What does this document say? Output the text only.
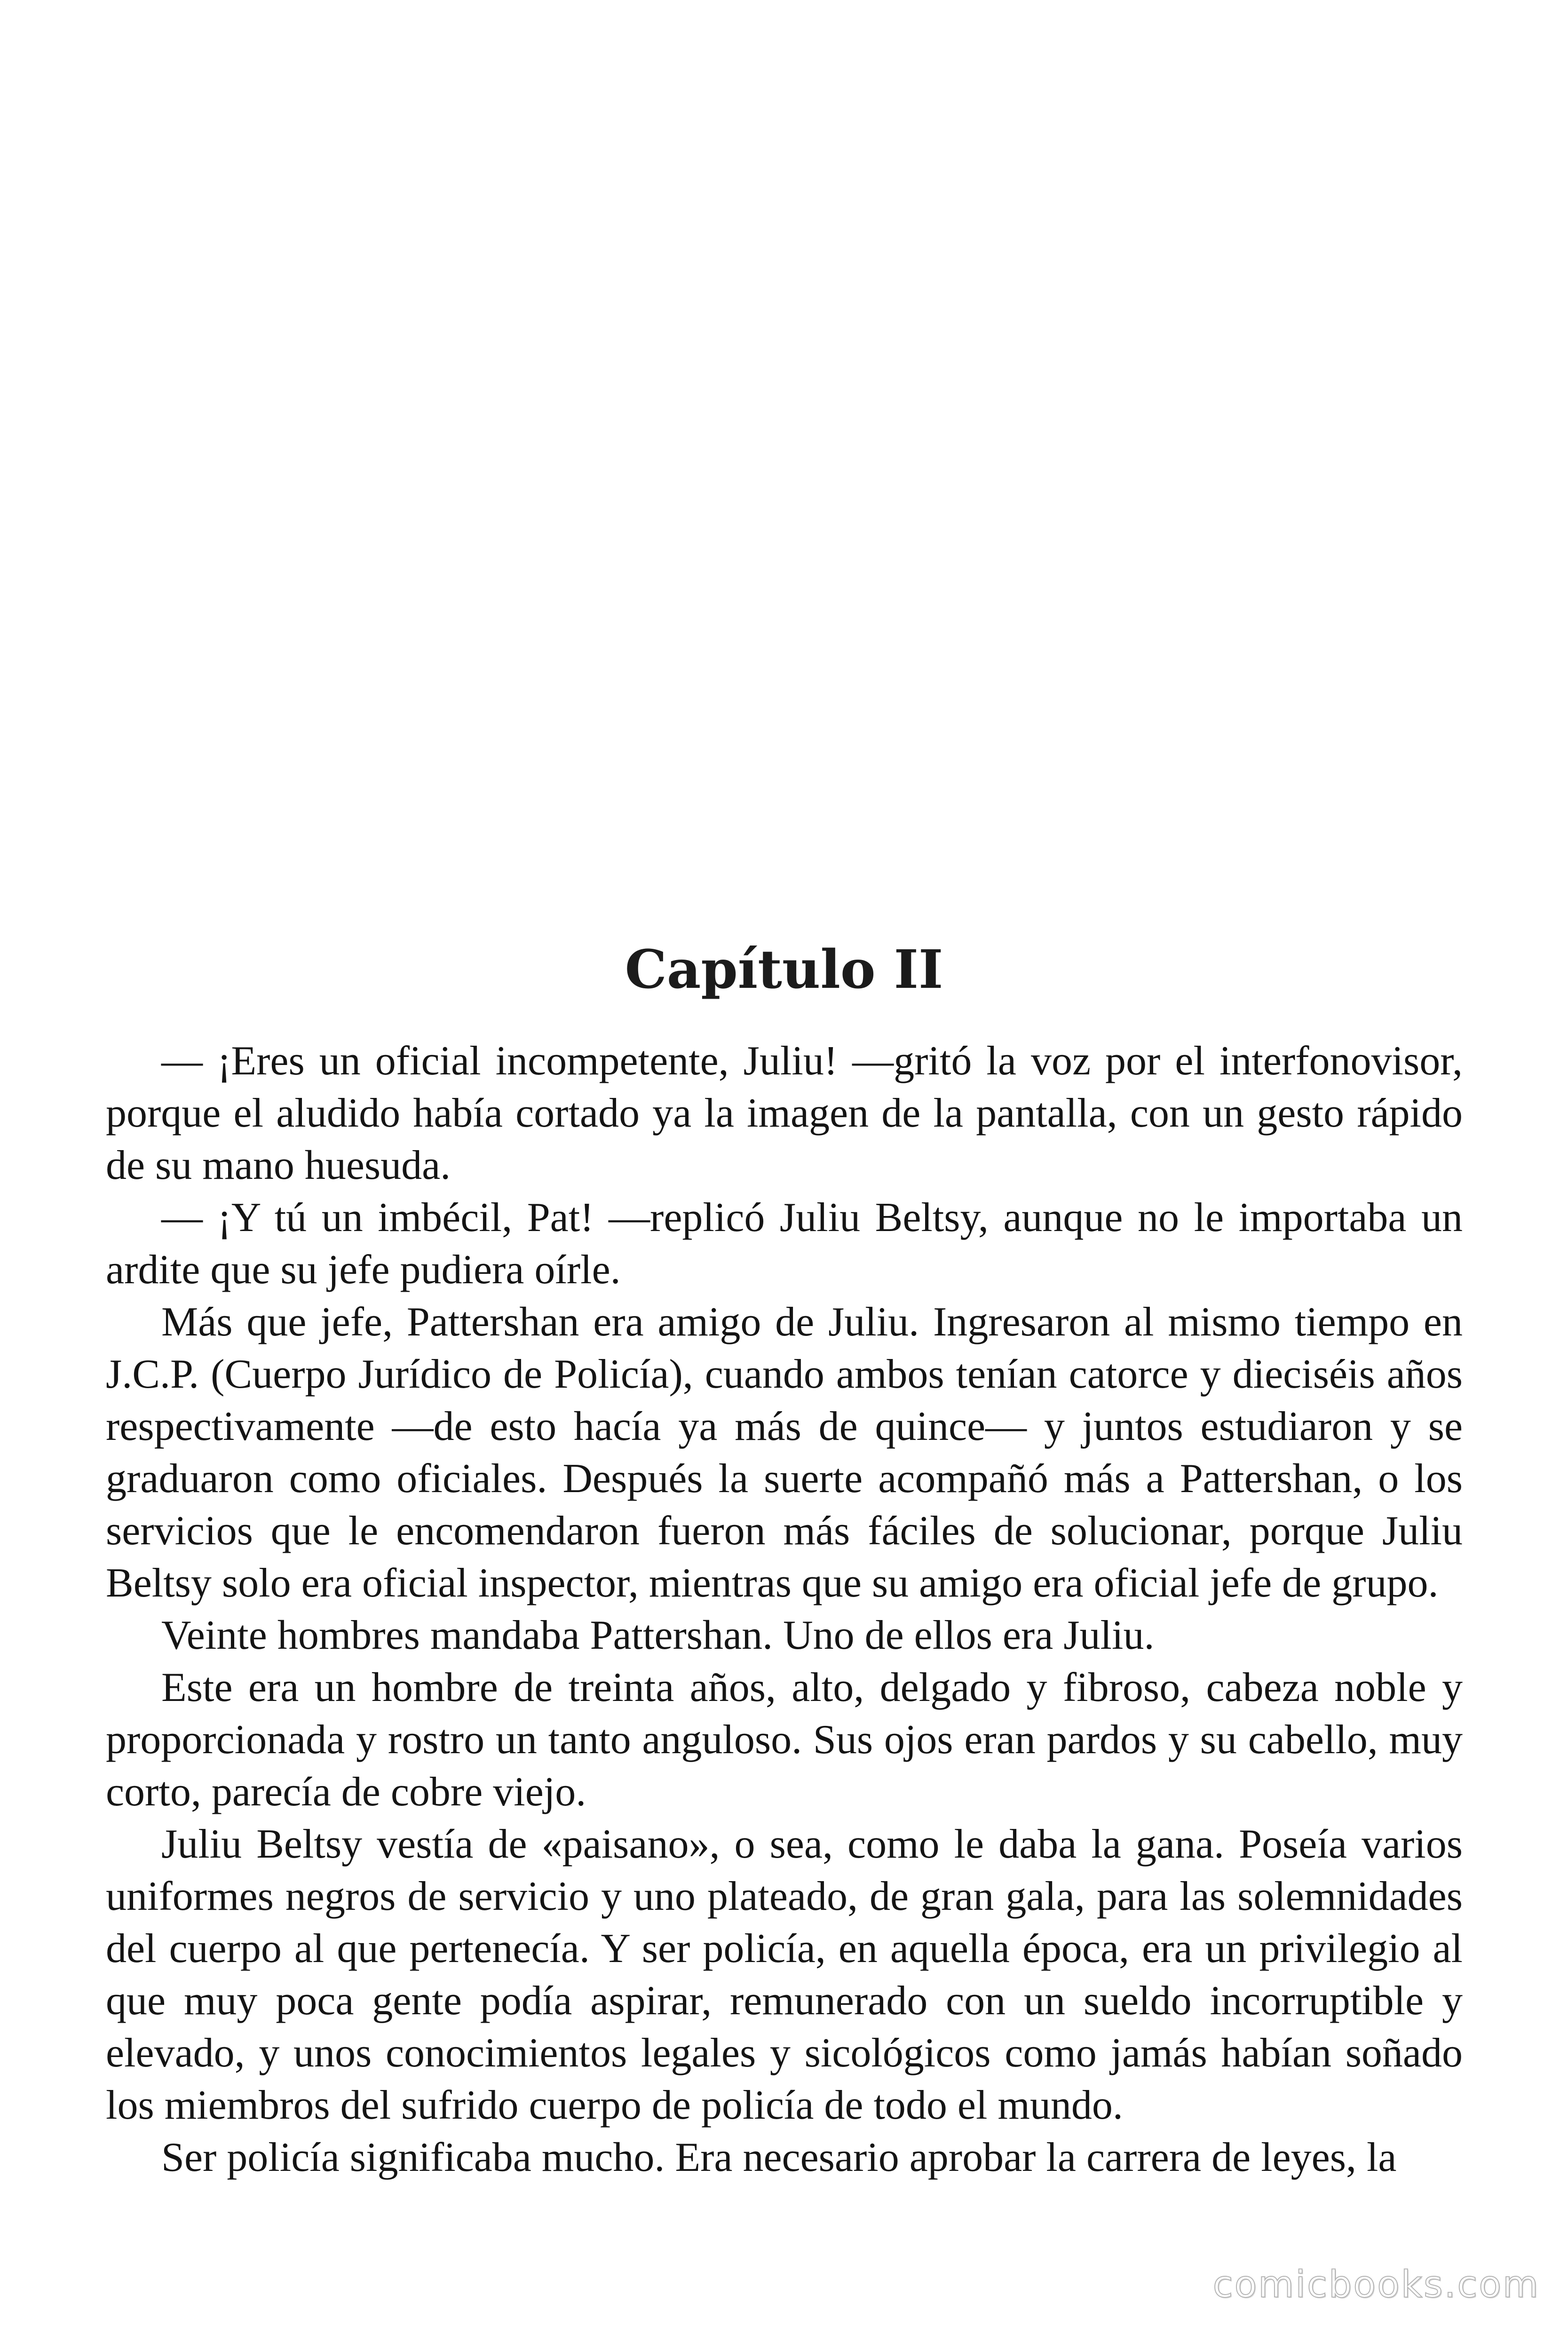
Capítulo II

— ¡Eres un oficial incompetente, Juliu! —gritó la voz por el interfonovisor, porque el aludido había cortado ya la imagen de la pantalla, con un gesto rápido de su mano huesuda.

— ¡Y tú un imbécil, Pat! —replicó Juliu Beltsy, aunque no le importaba un ardite que su jefe pudiera oírle.

Más que jefe, Pattershan era amigo de Juliu. Ingresaron al mismo tiempo en J.C.P. (Cuerpo Jurídico de Policía), cuando ambos tenían catorce y dieciséis años respectivamente —de esto hacía ya más de quince— y juntos estudiaron y se graduaron como oficiales. Después la suerte acompañó más a Pattershan, o los servicios que le encomendaron fueron más fáciles de solucionar, porque Juliu Beltsy solo era oficial inspector, mientras que su amigo era oficial jefe de grupo.

Veinte hombres mandaba Pattershan. Uno de ellos era Juliu.

Este era un hombre de treinta años, alto, delgado y fibroso, cabeza noble y proporcionada y rostro un tanto anguloso. Sus ojos eran pardos y su cabello, muy corto, parecía de cobre viejo.

Juliu Beltsy vestía de «paisano», o sea, como le daba la gana. Poseía varios uniformes negros de servicio y uno plateado, de gran gala, para las solemnidades del cuerpo al que pertenecía. Y ser policía, en aquella época, era un privilegio al que muy poca gente podía aspirar, remunerado con un sueldo incorruptible y elevado, y unos conocimientos legales y sicológicos como jamás habían soñado los miembros del sufrido cuerpo de policía de todo el mundo.

Ser policía significaba mucho. Era necesario aprobar la carrera de leyes, la

comicbooks.com
